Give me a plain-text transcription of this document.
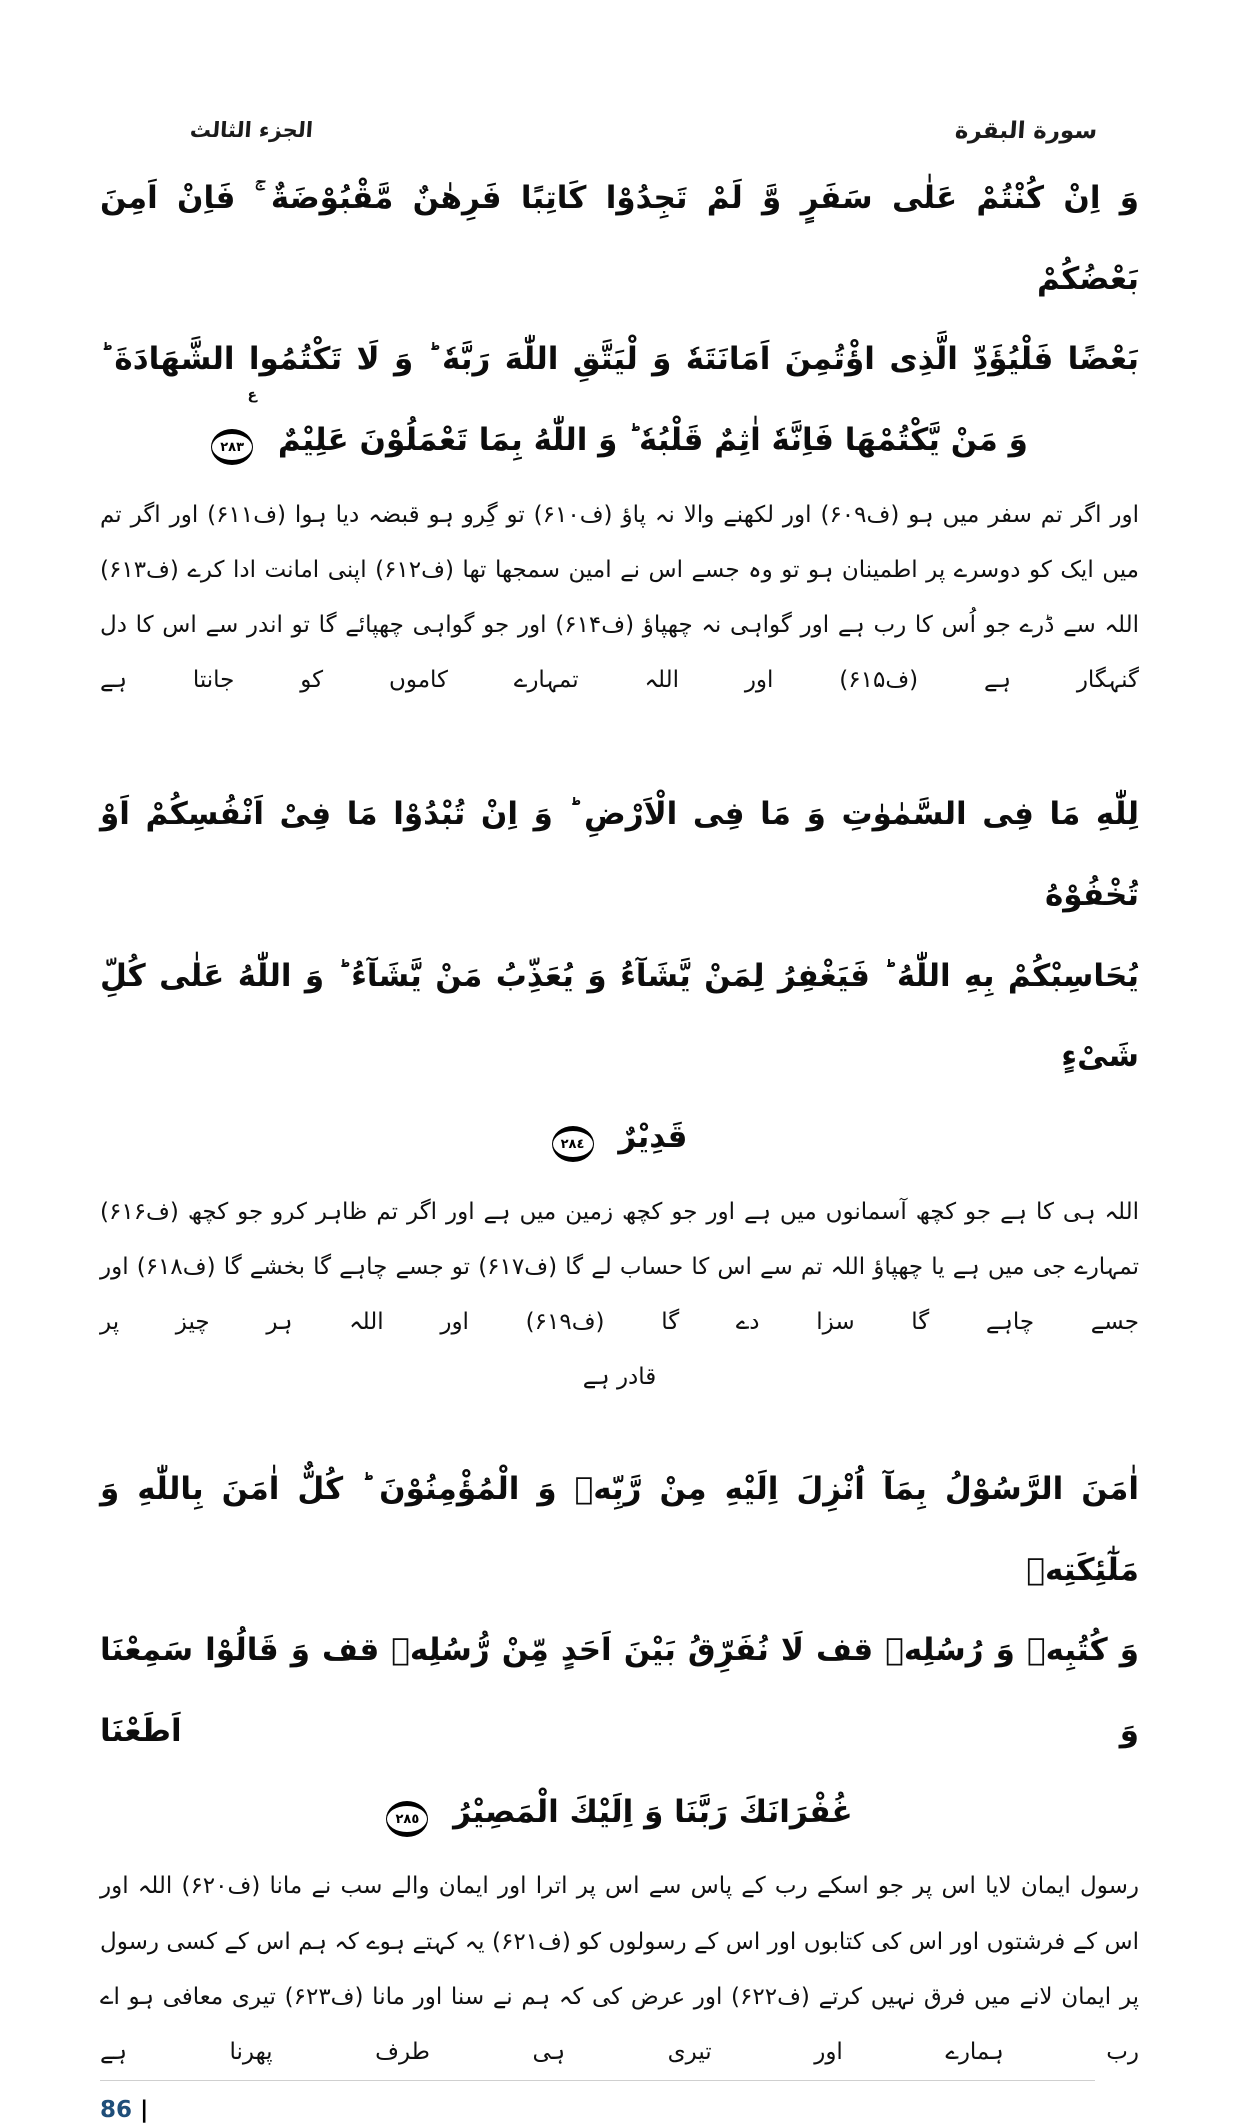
الجزء الثالث	سورة البقرة
وَ اِنْ كُنْتُمْ عَلٰى سَفَرٍ وَّ لَمْ تَجِدُوْا كَاتِبًا فَرِهٰنٌ مَّقْبُوْضَةٌ ۚ فَاِنْ اَمِنَ بَعْضُكُمْ
بَعْضًا فَلْيُؤَدِّ الَّذِى اؤْتُمِنَ اَمَانَتَهٗ وَ لْيَتَّقِ اللّٰهَ رَبَّهٗ ؕ وَ لَا تَكْتُمُوا الشَّهَادَةَ ؕ
وَ مَنْ يَّكْتُمْهَا فَاِنَّهٗ اٰثِمٌ قَلْبُهٗ ؕ وَ اللّٰهُ بِمَا تَعْمَلُوْنَ عَلِيْمٌ
ع
٢٨٣
اور اگر تم سفر میں ہو (ف۶۰۹) اور لکھنے والا نہ پاؤ (ف۶۱۰) تو گِرو ہو قبضہ دیا ہوا (ف۶۱۱) اور اگر تم میں ایک کو دوسرے پر اطمینان ہو تو وہ جسے اس نے امین سمجھا تھا (ف۶۱۲) اپنی امانت ادا کرے (ف۶۱۳) اللہ سے ڈرے جو اُس کا رب ہے اور گواہی نہ چھپاؤ (ف۶۱۴) اور جو گواہی چھپائے گا تو اندر سے اس کا دل گنہگار ہے (ف۶۱۵) اور اللہ تمہارے کاموں کو جانتا ہے
لِلّٰهِ مَا فِى السَّمٰوٰتِ وَ مَا فِى الْاَرْضِ ؕ وَ اِنْ تُبْدُوْا مَا فِىْ اَنْفُسِكُمْ اَوْ تُخْفُوْهُ
يُحَاسِبْكُمْ بِهِ اللّٰهُ ؕ فَيَغْفِرُ لِمَنْ يَّشَآءُ وَ يُعَذِّبُ مَنْ يَّشَآءُ ؕ وَ اللّٰهُ عَلٰى كُلِّ شَىْءٍ
قَدِيْرٌ ٢٨٤
اللہ ہی کا ہے جو کچھ آسمانوں میں ہے اور جو کچھ زمین میں ہے اور اگر تم ظاہر کرو جو کچھ (ف۶۱۶) تمہارے جی میں ہے یا چھپاؤ اللہ تم سے اس کا حساب لے گا (ف۶۱۷) تو جسے چاہے گا بخشے گا (ف۶۱۸) اور جسے چاہے گا سزا دے گا (ف۶۱۹) اور اللہ ہر چیز پر
قادر ہے
اٰمَنَ الرَّسُوْلُ بِمَآ اُنْزِلَ اِلَيْهِ مِنْ رَّبِّهٖ وَ الْمُؤْمِنُوْنَ ؕ كُلٌّ اٰمَنَ بِاللّٰهِ وَ مَلٰٓئِكَتِهٖ
وَ كُتُبِهٖ وَ رُسُلِهٖ قف لَا نُفَرِّقُ بَيْنَ اَحَدٍ مِّنْ رُّسُلِهٖ قف وَ قَالُوْا سَمِعْنَا وَ اَطَعْنَا
غُفْرَانَكَ رَبَّنَا وَ اِلَيْكَ الْمَصِيْرُ ٢٨٥
رسول ایمان لایا اس پر جو اسکے رب کے پاس سے اس پر اترا اور ایمان والے سب نے مانا (ف۶۲۰) اللہ اور اس کے فرشتوں اور اس کی کتابوں اور اس کے رسولوں کو (ف۶۲۱) یہ کہتے ہوے کہ ہم اس کے کسی رسول پر ایمان لانے میں فرق نہیں کرتے (ف۶۲۲) اور عرض کی کہ ہم نے سنا اور مانا (ف۶۲۳) تیری معافی ہو اے رب ہمارے اور تیری ہی طرف پھرنا ہے
86 |
